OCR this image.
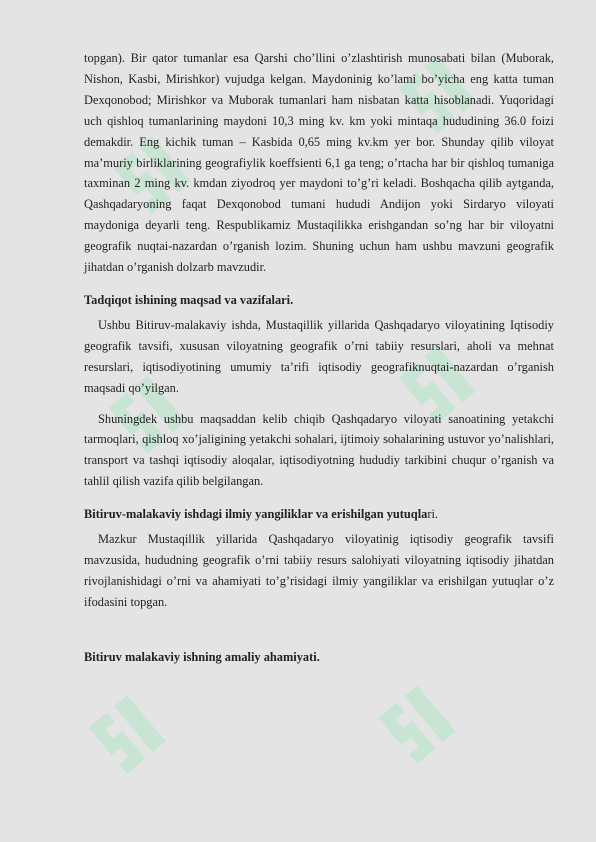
topgan). Bir qator tumanlar esa Qarshi cho’llini o’zlashtirish munosabati bilan (Muborak, Nishon, Kasbi, Mirishkor) vujudga kelgan. Maydoninig ko’lami bo’yicha eng katta tuman Dexqonobod; Mirishkor va Muborak tumanlari ham nisbatan katta hisoblanadi. Yuqoridagi uch qishloq tumanlarining maydoni 10,3 ming kv. km yoki mintaqa hududining 36.0 foizi demakdir. Eng kichik tuman – Kasbida 0,65 ming kv.km yer bor. Shunday qilib viloyat ma’muriy birliklarining geografiylik koeffsienti 6,1 ga teng; o’rtacha har bir qishloq tumaniga taxminan 2 ming kv. kmdan ziyodroq yer maydoni to’g’ri keladi. Boshqacha qilib aytganda, Qashqadaryoning faqat Dexqonobod tumani hududi Andijon yoki Sirdaryo viloyati maydoniga deyarli teng. Respublikamiz Mustaqilikka erishgandan so’ng har bir viloyatni geografik nuqtai-nazardan o’rganish lozim. Shuning uchun ham ushbu mavzuni geografik jihatdan o’rganish dolzarb mavzudir.

Tadqiqot ishining maqsad va vazifalari.

Ushbu Bitiruv-malakaviy ishda, Mustaqillik yillarida Qashqadaryo viloyatining Iqtisodiy geografik tavsifi, xususan viloyatning geografik o’rni tabiiy resurslari, aholi va mehnat resurslari, iqtisodiyotining umumiy ta’rifi iqtisodiy geografiknuqtai-nazardan o’rganish maqsadi qo’yilgan.

Shuningdek ushbu maqsaddan kelib chiqib Qashqadaryo viloyati sanoatining yetakchi tarmoqlari, qishloq xo’jaligining yetakchi sohalari, ijtimoiy sohalarining ustuvor yo’nalishlari, transport va tashqi iqtisodiy aloqalar, iqtisodiyotning hududiy tarkibini chuqur o’rganish va tahlil qilish vazifa qilib belgilangan.

Bitiruv-malakaviy ishdagi ilmiy yangiliklar va erishilgan yutuqlari.

Mazkur Mustaqillik yillarida Qashqadaryo viloyatinig iqtisodiy geografik tavsifi mavzusida, hududning geografik o’rni tabiiy resurs salohiyati viloyatning iqtisodiy jihatdan rivojlanishidagi o’rni va ahamiyati to’g’risidagi ilmiy yangiliklar va erishilgan yutuqlar o’z ifodasini topgan.

Bitiruv malakaviy ishning amaliy ahamiyati.
